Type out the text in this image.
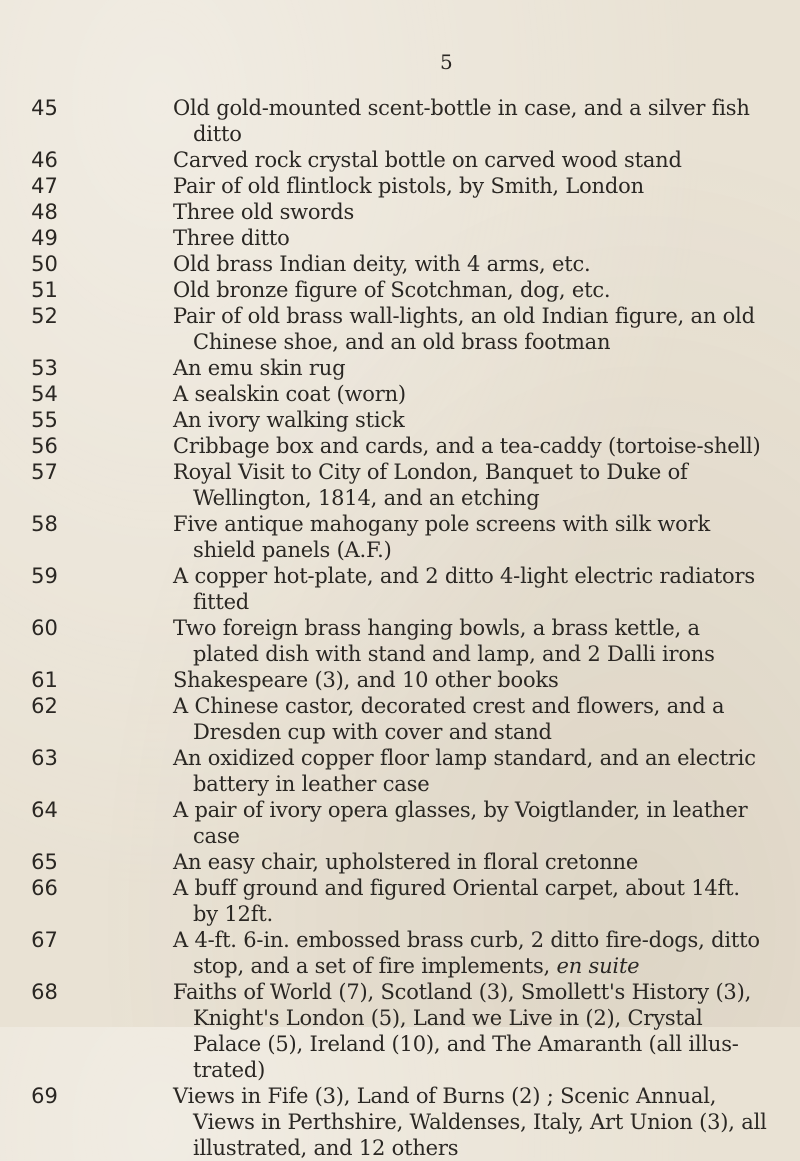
5
45	Old gold-mounted scent-bottle in case, and a silver fish ditto
46	Carved rock crystal bottle on carved wood stand
47	Pair of old flintlock pistols, by Smith, London
48	Three old swords
49	Three ditto
50	Old brass Indian deity, with 4 arms, etc.
51	Old bronze figure of Scotchman, dog, etc.
52	Pair of old brass wall-lights, an old Indian figure, an old Chinese shoe, and an old brass footman
53	An emu skin rug
54	A sealskin coat (worn)
55	An ivory walking stick
56	Cribbage box and cards, and a tea-caddy (tortoise-shell)
57	Royal Visit to City of London, Banquet to Duke of Wellington, 1814, and an etching
58	Five antique mahogany pole screens with silk work shield panels (A.F.)
59	A copper hot-plate, and 2 ditto 4-light electric radiators fitted
60	Two foreign brass hanging bowls, a brass kettle, a plated dish with stand and lamp, and 2 Dalli irons
61	Shakespeare (3), and 10 other books
62	A Chinese castor, decorated crest and flowers, and a Dresden cup with cover and stand
63	An oxidized copper floor lamp standard, and an electric battery in leather case
64	A pair of ivory opera glasses, by Voigtlander, in leather case
65	An easy chair, upholstered in floral cretonne
66	A buff ground and figured Oriental carpet, about 14ft. by 12ft.
67	A 4-ft. 6-in. embossed brass curb, 2 ditto fire-dogs, ditto stop, and a set of fire implements, en suite
68	Faiths of World (7), Scotland (3), Smollett's History (3), Knight's London (5), Land we Live in (2), Crystal Palace (5), Ireland (10), and The Amaranth (all illus-trated)
69	Views in Fife (3), Land of Burns (2) ; Scenic Annual, Views in Perthshire, Waldenses, Italy, Art Union (3), all illustrated, and 12 others
